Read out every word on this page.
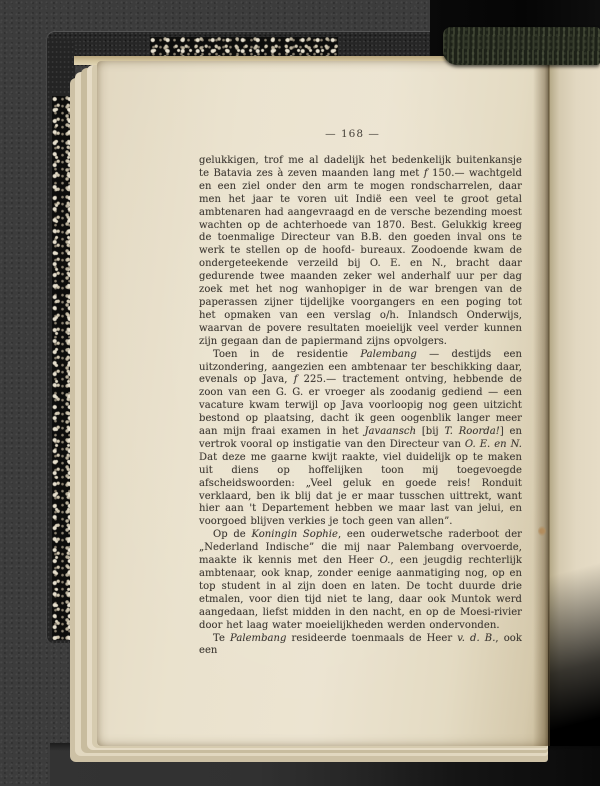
— 168 —

gelukkigen, trof me al dadelijk het bedenkelijk buitenkansje te Batavia zes à zeven maanden lang met f 150.— wachtgeld en een ziel onder den arm te mogen rondscharrelen, daar men het jaar te voren uit Indië een veel te groot getal ambtenaren had aangevraagd en de versche bezending moest wachten op de achterhoede van 1870. Best. Gelukkig kreeg de toenmalige Directeur van B.B. den goeden inval ons te werk te stellen op de hoofd- bureaux. Zoodoende kwam de ondergeteekende verzeild bij O. E. en N., bracht daar gedurende twee maanden zeker wel anderhalf uur per dag zoek met het nog wanhopiger in de war brengen van de paperassen zijner tijdelijke voorgangers en een poging tot het opmaken van een verslag o/h. Inlandsch Onderwijs, waarvan de povere resultaten moeielijk veel verder kunnen zijn gegaan dan de papiermand zijns opvolgers.

Toen in de residentie Palembang — destijds een uitzondering, aangezien een ambtenaar ter beschikking daar, evenals op Java, f 225.— tractement ontving, hebbende de zoon van een G. G. er vroeger als zoodanig gediend — een vacature kwam terwijl op Java voorloopig nog geen uitzicht bestond op plaatsing, dacht ik geen oogenblik langer meer aan mijn fraai examen in het Javaansch [bij T. Roorda!] en vertrok vooral op instigatie van den Directeur van O. E. en N. Dat deze me gaarne kwijt raakte, viel duidelijk op te maken uit diens op hoffelijken toon mij toegevoegde afscheidswoorden: „Veel geluk en goede reis! Ronduit verklaard, ben ik blij dat je er maar tusschen uittrekt, want hier aan 't Departement hebben we maar last van jelui, en voorgoed blijven verkies je toch geen van allen”.

Op de Koningin Sophie, een ouderwetsche raderboot der „Nederland Indische” die mij naar Palembang overvoerde, maakte ik kennis met den Heer O., een jeugdig rechterlijk ambtenaar, ook knap, zonder eenige aanmatiging nog, op en top student in al zijn doen en laten. De tocht duurde drie etmalen, voor dien tijd niet te lang, daar ook Muntok werd aangedaan, liefst midden in den nacht, en op de Moesi-rivier door het laag water moeielijkheden werden ondervonden.

Te Palembang resideerde toenmaals de Heer v. d. B., ook een
